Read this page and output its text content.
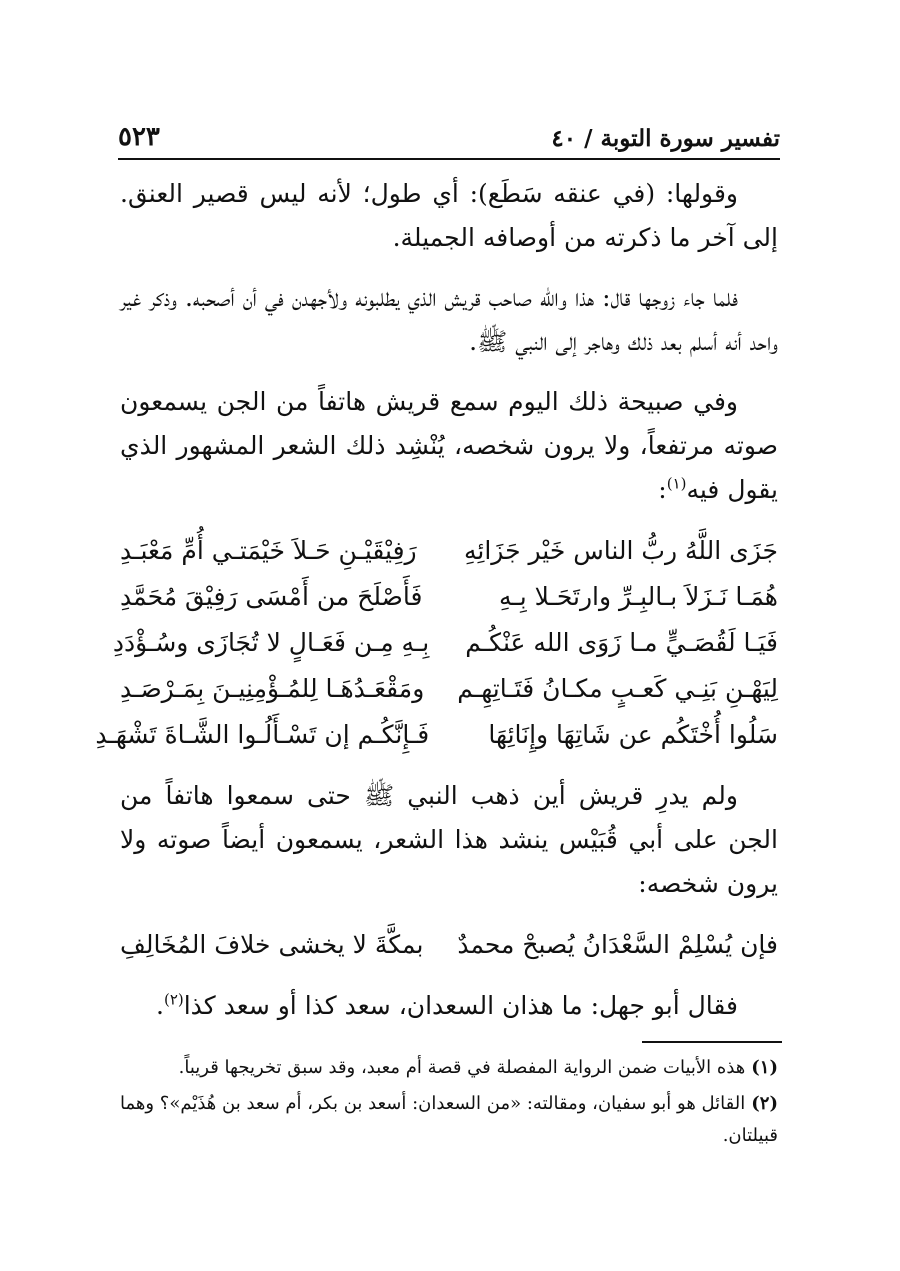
تفسير سورة التوبة / ٤٠
٥٢٣

وقولها: (في عنقه سَطَع): أي طول؛ لأنه ليس قصير العنق. إلى آخر ما ذكرته من أوصافه الجميلة.

فلما جاء زوجها قال: هذا والله صاحب قريش الذي يطلبونه ولأجهدن في أن أصحبه. وذكر غير واحد أنه أسلم بعد ذلك وهاجر إلى النبي ﷺ.

وفي صبيحة ذلك اليوم سمع قريش هاتفاً من الجن يسمعون صوته مرتفعاً، ولا يرون شخصه، يُنْشِد ذلك الشعر المشهور الذي يقول فيه$^{(١)}$:

جَزَى اللَّهُ ربُّ الناس خَيْر جَزَائِهِ
رَفِيْقَيْـنِ حَـلاَ خَيْمَتـي أُمِّ مَعْبَـدِ
هُمَـا نَـزَلاَ بـالبِـرِّ وارتَحَـلا بِـهِ
فَأَصْلَحَ من أَمْسَى رَفِيْقَ مُحَمَّدِ
فَيَـا لَقُصَـيٍّ مـا زَوَى الله عَنْكُـم
بِـهِ مِـن فَعَـالٍ لا تُجَازَى وسُـؤْدَدِ
لِيَهْـنِ بَنِـي كَعـبٍ مكـانُ فَتَـاتِهِـم
ومَقْعَـدُهَـا لِلمُـؤْمِنِيـنَ بِمَـرْصَـدِ
سَلُوا أُخْتَكُم عن شَاتِهَا وإِنَائِهَا
فَـإِنَّكُـم إن تَسْـأَلُـوا الشَّـاةَ تَشْهَـدِ

ولم يدرِ قريش أين ذهب النبي ﷺ حتى سمعوا هاتفاً من الجن على أبي قُبَيْس ينشد هذا الشعر، يسمعون أيضاً صوته ولا يرون شخصه:

فإن يُسْلِمْ السَّعْدَانُ يُصبحْ محمدٌ
بمكَّةَ لا يخشى خلافَ المُخَالِفِ

فقال أبو جهل: ما هذان السعدان، سعد كذا أو سعد كذا$^{(٢)}$.

(١)هذه الأبيات ضمن الرواية المفصلة في قصة أم معبد، وقد سبق تخريجها قريباً.

(٢)القائل هو أبو سفيان، ومقالته: «من السعدان: أسعد بن بكر، أم سعد بن هُذَيْم»؟ وهما قبيلتان.
